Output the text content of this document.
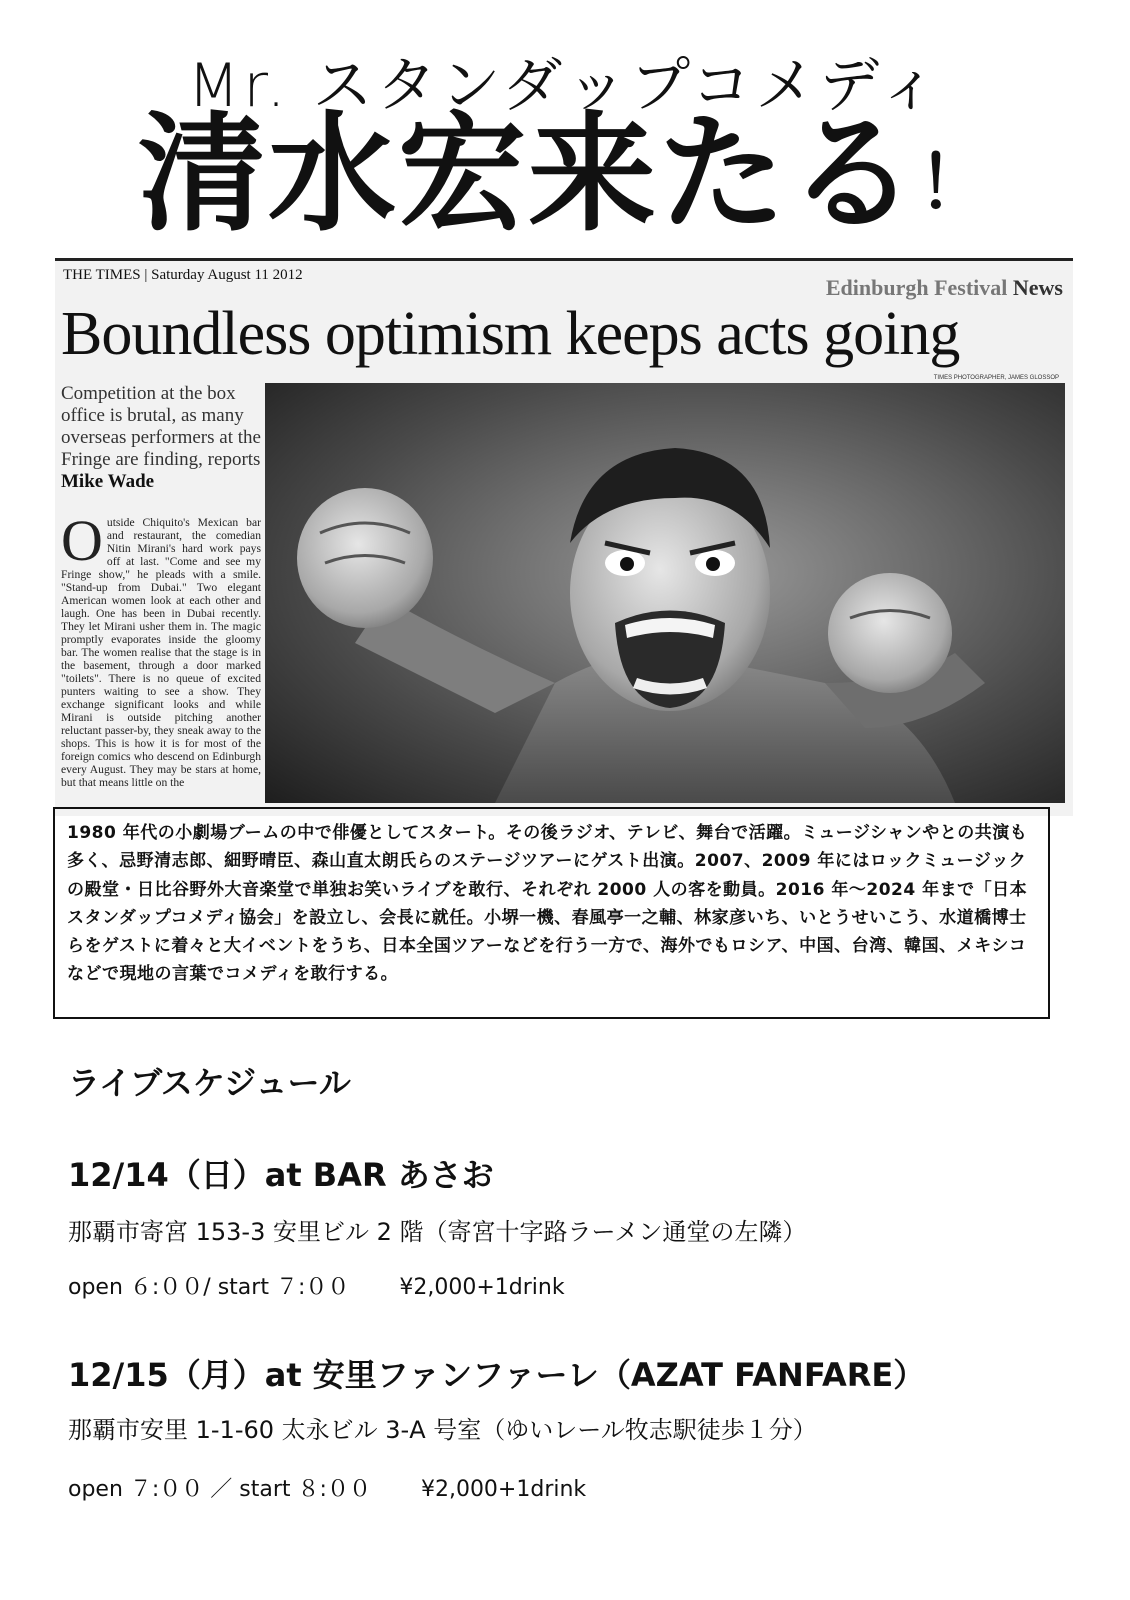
Mr. スタンダップコメディ
清水宏来たる！
THE TIMES | Saturday August 11 2012	Edinburgh Festival News
Boundless optimism keeps acts going
Competition at the box office is brutal, as many overseas performers at the Fringe are finding, reports Mike Wade
Outside Chiquito's Mexican bar and restaurant, the comedian Nitin Mirani's hard work pays off at last. "Come and see my Fringe show," he pleads with a smile. "Stand-up from Dubai." Two elegant American women look at each other and laugh. One has been in Dubai recently. They let Mirani usher them in. The magic promptly evaporates inside the gloomy bar. The women realise that the stage is in the basement, through a door marked "toilets". There is no queue of excited punters waiting to see a show. They exchange significant looks and while Mirani is outside pitching another reluctant passer-by, they sneak away to the shops. This is how it is for most of the foreign comics who descend on Edinburgh every August. They may be stars at home, but that means little on the
TIMES PHOTOGRAPHER, JAMES GLOSSOP
1980 年代の小劇場ブームの中で俳優としてスタート。その後ラジオ、テレビ、舞台で活躍。ミュージシャンやとの共演も多く、忌野清志郎、細野晴臣、森山直太朗氏らのステージツアーにゲスト出演。2007、2009 年にはロックミュージックの殿堂・日比谷野外大音楽堂で単独お笑いライブを敢行、それぞれ 2000 人の客を動員。2016 年～2024 年まで「日本スタンダップコメディ協会」を設立し、会長に就任。小堺一機、春風亭一之輔、林家彦いち、いとうせいこう、水道橋博士らをゲストに着々と大イベントをうち、日本全国ツアーなどを行う一方で、海外でもロシア、中国、台湾、韓国、メキシコなどで現地の言葉でコメディを敢行する。
ライブスケジュール
12/14（日）at BAR あさお
那覇市寄宮 153-3 安里ビル 2 階（寄宮十字路ラーメン通堂の左隣）
open ６:００/ start ７:００ ¥2,000+1drink
12/15（月）at 安里ファンファーレ（AZAT FANFARE）
那覇市安里 1-1-60 太永ビル 3-A 号室（ゆいレール牧志駅徒歩１分）
open ７:００ ／ start ８:００ ¥2,000+1drink
